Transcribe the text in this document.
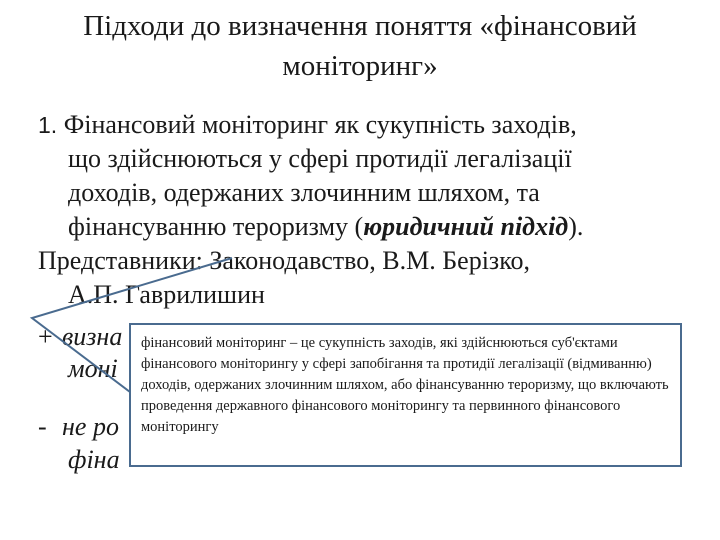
Підходи до визначення поняття «фінансовий
моніторинг»
1. Фінансовий моніторинг як сукупність заходів,
що здійснюються у сфері протидії легалізації
доходів, одержаних злочинним шляхом, та
фінансуванню тероризму (юридичний підхід).
Представники: Законодавство, В.М. Берізко,
А.П. Гаврилишин
+ визна
моні
- не ро
фіна
фінансовий моніторинг – це сукупність заходів, які здійснюються суб'єктами фінансового моніторингу у сфері запобігання та протидії легалізації (відмиванню) доходів, одержаних злочинним шляхом, або фінансуванню тероризму, що включають проведення державного фінансового моніторингу та первинного фінансового моніторингу
